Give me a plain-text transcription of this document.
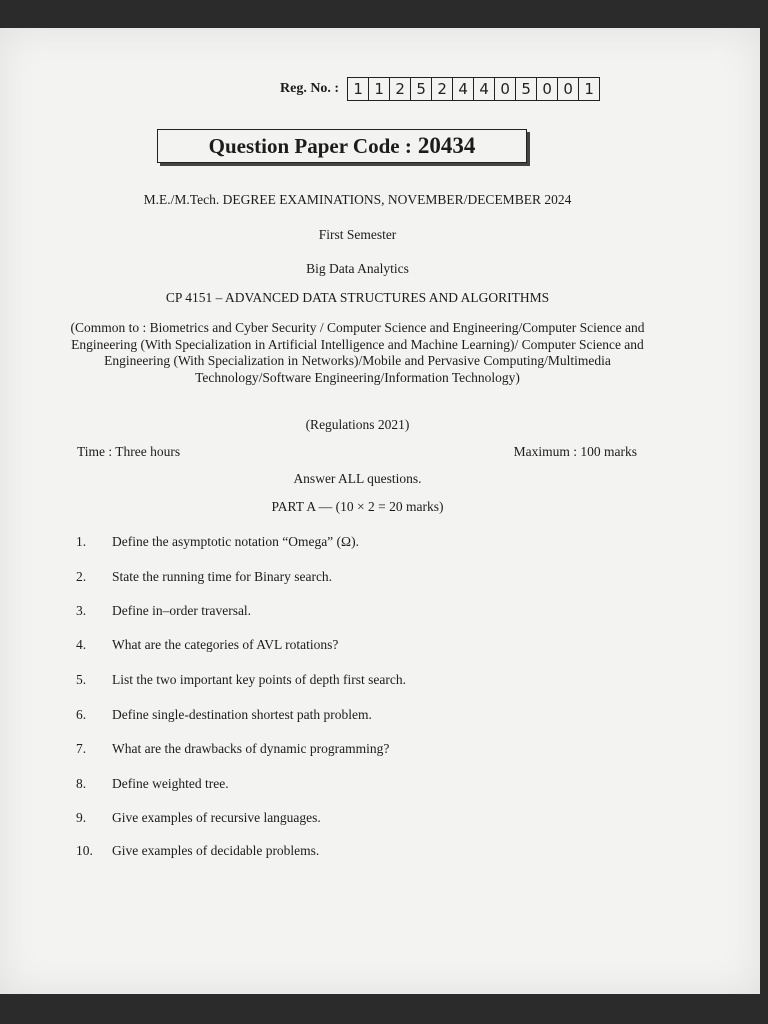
Reg. No. : 1 1 2 5 2 4 4 0 5 0 0 1
Question Paper Code : 20434
M.E./M.Tech. DEGREE EXAMINATIONS, NOVEMBER/DECEMBER 2024
First Semester
Big Data Analytics
CP 4151 – ADVANCED DATA STRUCTURES AND ALGORITHMS
(Common to : Biometrics and Cyber Security / Computer Science and Engineering/Computer Science and Engineering (With Specialization in Artificial Intelligence and Machine Learning)/ Computer Science and Engineering (With Specialization in Networks)/Mobile and Pervasive Computing/Multimedia Technology/Software Engineering/Information Technology)
(Regulations 2021)
Time : Three hours	Maximum : 100 marks
Answer ALL questions.
PART A — (10 × 2 = 20 marks)
1.	Define the asymptotic notation “Omega” (Ω).
2.	State the running time for Binary search.
3.	Define in–order traversal.
4.	What are the categories of AVL rotations?
5.	List the two important key points of depth first search.
6.	Define single-destination shortest path problem.
7.	What are the drawbacks of dynamic programming?
8.	Define weighted tree.
9.	Give examples of recursive languages.
10.	Give examples of decidable problems.
